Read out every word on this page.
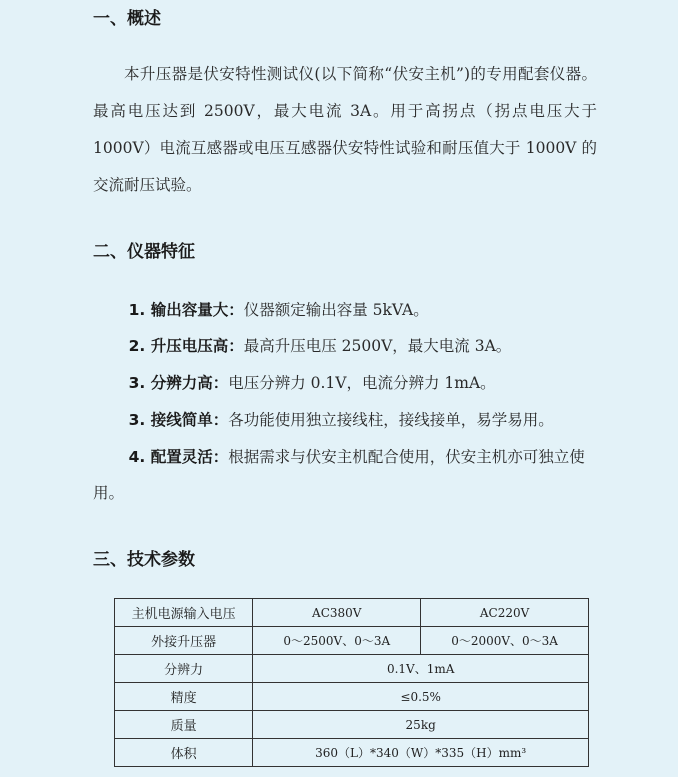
一、概述
本升压器是伏安特性测试仪(以下简称“伏安主机”)的专用配套仪器。最高电压达到 2500V，最大电流 3A。用于高拐点（拐点电压大于 1000V）电流互感器或电压互感器伏安特性试验和耐压值大于 1000V 的交流耐压试验。
二、仪器特征
1. 输出容量大：仪器额定输出容量 5kVA。
2. 升压电压高：最高升压电压 2500V，最大电流 3A。
3. 分辨力高：电压分辨力 0.1V，电流分辨力 1mA。
3. 接线简单：各功能使用独立接线柱，接线接单，易学易用。
4. 配置灵活：根据需求与伏安主机配合使用，伏安主机亦可独立使用。
三、技术参数
主机电源输入电压	AC380V	AC220V
外接升压器	0～2500V、0～3A	0～2000V、0～3A
分辨力	0.1V、1mA	
精度	≤0.5%	
质量	25kg	
体积	360（L）*340（W）*335（H）mm³	
